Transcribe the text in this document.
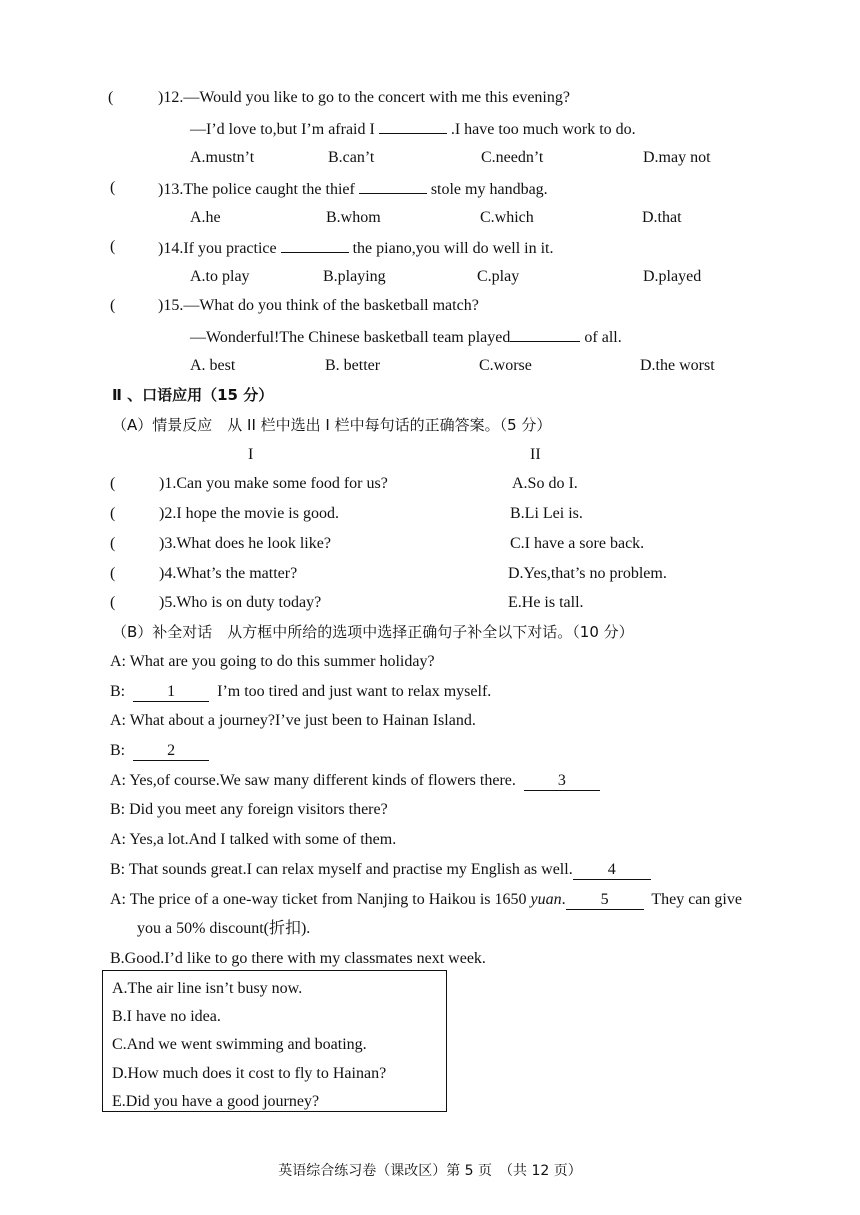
(	)12.—Would you like to go to the concert with me this evening?
—I’d love to,but I’m afraid I	.I have too much work to do.
A.mustn’t	B.can’t	C.needn’t	D.may not
(	)13.The police caught the thief	stole my handbag.
A.he	B.whom	C.which	D.that
(	)14.If you practice	the piano,you will do well in it.
A.to play	B.playing	C.play	D.played
(	)15.—What do you think of the basketball match?
—Wonderful!The Chinese basketball team played	of all.
A. best	B. better	C.worse	D.the worst
Ⅱ 、口语应用（15 分）
（A）情景反应　从 II 栏中选出 I 栏中每句话的正确答案。（5 分）
I	II
(	)1.Can you make some food for us?	A.So do I.
(	)2.I hope the movie is good.	B.Li Lei is.
(	)3.What does he look like?	C.I have a sore back.
(	)4.What’s the matter?	D.Yes,that’s no problem.
(	)5.Who is on duty today?	E.He is tall.
（B）补全对话　从方框中所给的选项中选择正确句子补全以下对话。（10 分）
A: What are you going to do this summer holiday?
B:	1	I’m too tired and just want to relax myself.
A: What about a journey?I’ve just been to Hainan Island.
B:	2
A: Yes,of course.We saw many different kinds of flowers there.	3
B: Did you meet any foreign visitors there?
A: Yes,a lot.And I talked with some of them.
B: That sounds great.I can relax myself and practise my English as well. 4
A: The price of a one-way ticket from Nanjing to Haikou is 1650 yuan. 5	They can give
you a 50% discount(折扣).
B.Good.I’d like to go there with my classmates next week.
A.The air line isn’t busy now.
B.I have no idea.
C.And we went swimming and boating.
D.How much does it cost to fly to Hainan?
E.Did you have a good journey?
英语综合练习卷（课改区）第 5 页　（共 12 页）
